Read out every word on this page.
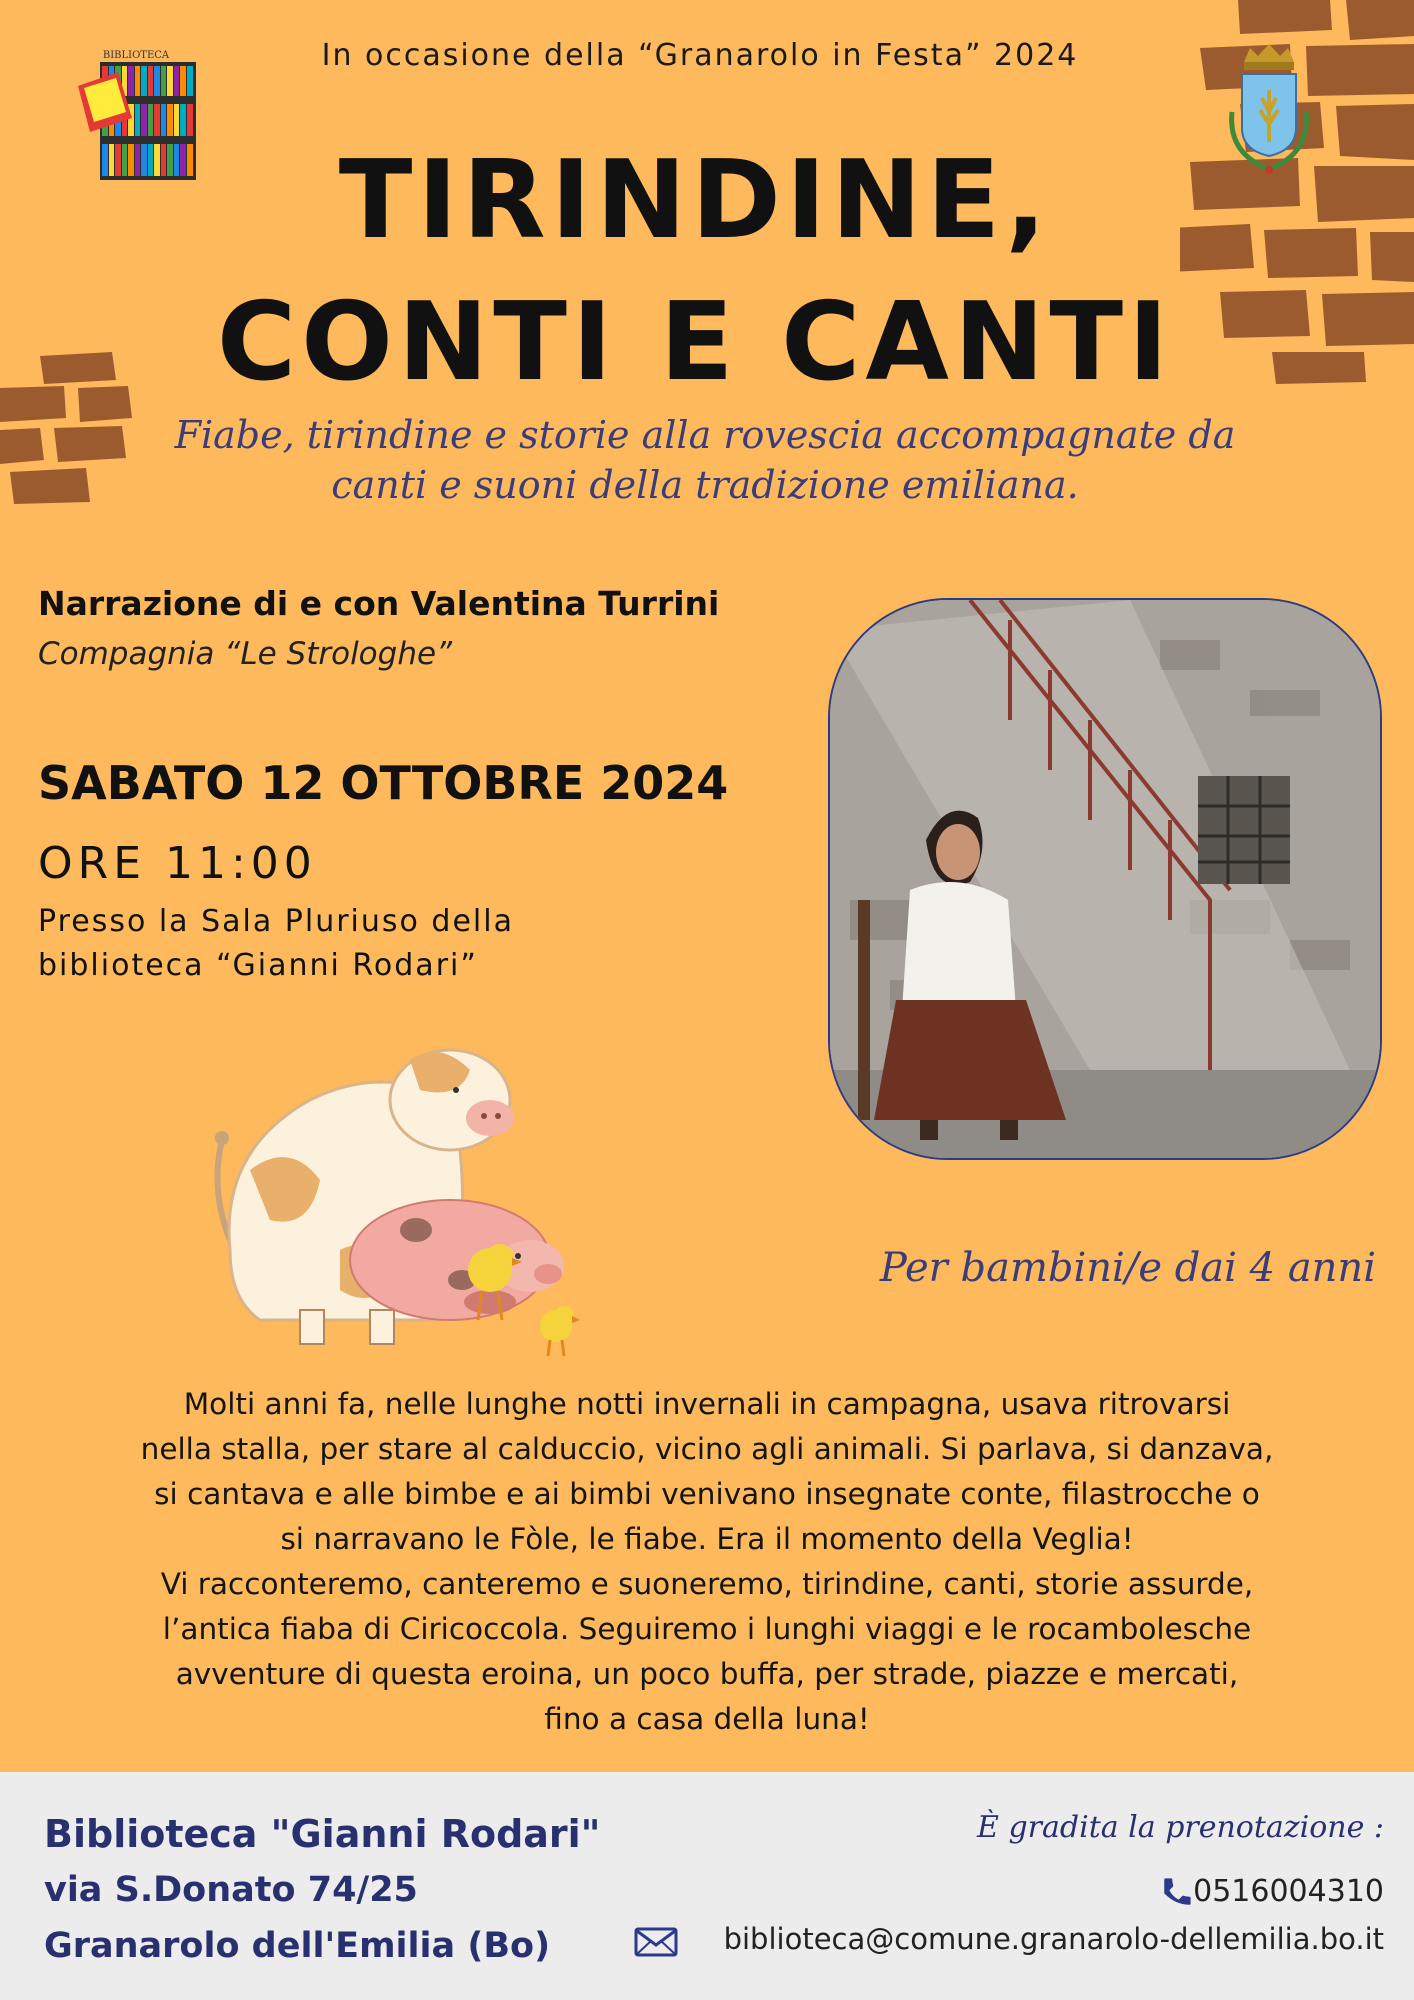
BIBLIOTECA	In occasione della “Granarolo in Festa” 2024
TIRINDINE,
CONTI E CANTI
Fiabe, tirindine e storie alla rovescia accompagnate da
canti e suoni della tradizione emiliana.
Narrazione di e con Valentina Turrini
Compagnia “Le Strologhe”
SABATO 12 OTTOBRE 2024
ORE 11:00
Presso la Sala Pluriuso della
biblioteca “Gianni Rodari”
Per bambini/e dai 4 anni
Molti anni fa, nelle lunghe notti invernali in campagna, usava ritrovarsi
nella stalla, per stare al calduccio, vicino agli animali. Si parlava, si danzava,
si cantava e alle bimbe e ai bimbi venivano insegnate conte, filastrocche o
si narravano le Fòle, le fiabe. Era il momento della Veglia!
Vi racconteremo, canteremo e suoneremo, tirindine, canti, storie assurde,
l’antica fiaba di Ciricoccola. Seguiremo i lunghi viaggi e le rocambolesche
avventure di questa eroina, un poco buffa, per strade, piazze e mercati,
fino a casa della luna!
Biblioteca "Gianni Rodari"
via S.Donato 74/25
Granarolo dell'Emilia (Bo)
È gradita la prenotazione :
0516004310
biblioteca@comune.granarolo-dellemilia.bo.it
